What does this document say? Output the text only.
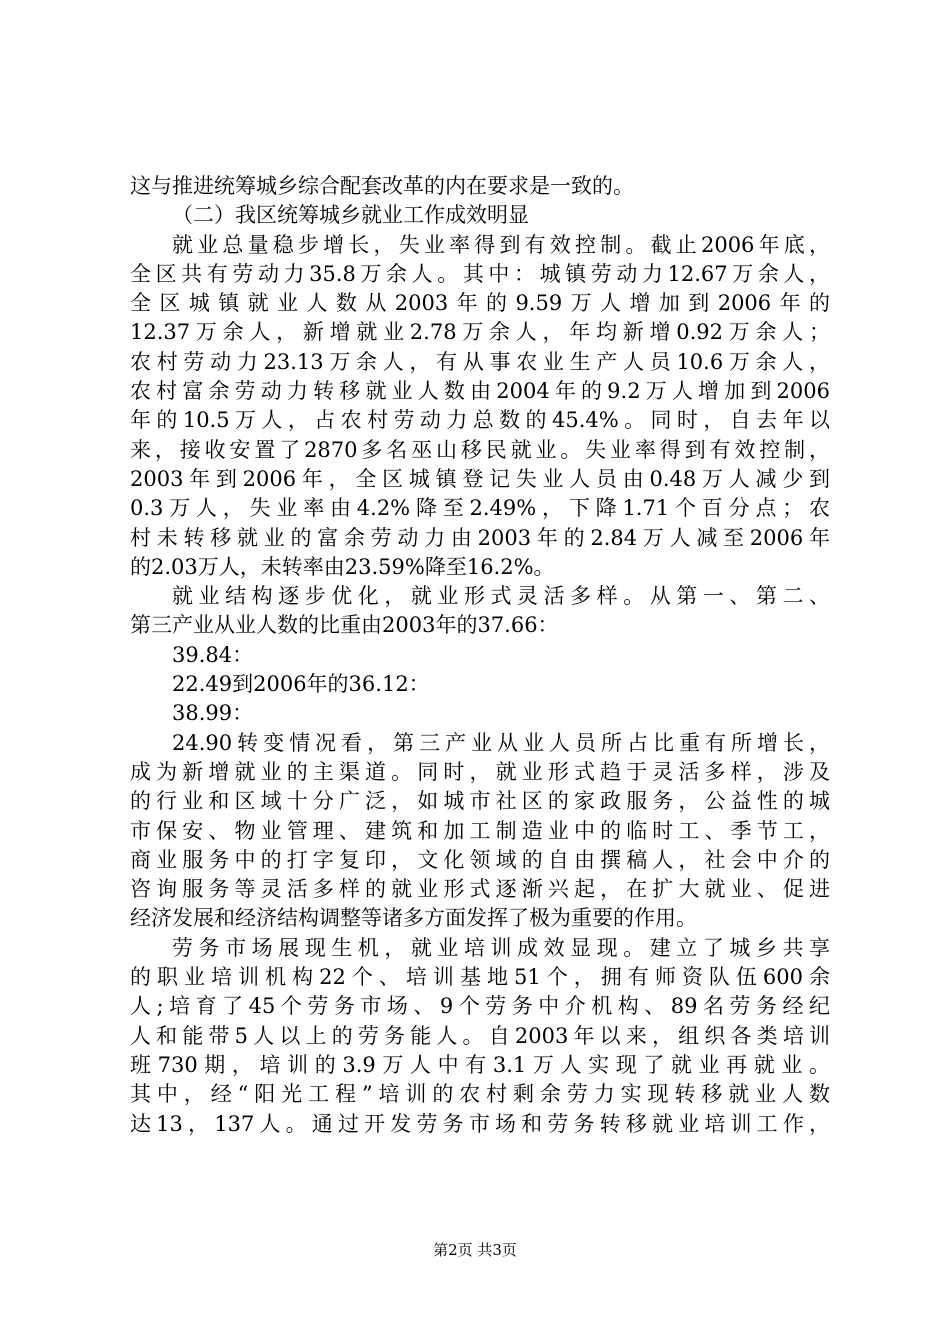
这与推进统筹城乡综合配套改革的内在要求是一致的。
（二）我区统筹城乡就业工作成效明显
就业总量稳步增长，失业率得到有效控制。截止2006年底，
全区共有劳动力35.8万余人。其中：城镇劳动力12.67万余人，
全区城镇就业人数从2003年的9.59万人增加到2006年的
12.37万余人，新增就业2.78万余人，年均新增0.92万余人；
农村劳动力23.13万余人，有从事农业生产人员10.6万余人，
农村富余劳动力转移就业人数由2004年的9.2万人增加到2006
年的10.5万人，占农村劳动力总数的45.4%。同时，自去年以
来，接收安置了2870多名巫山移民就业。失业率得到有效控制，
2003年到2006年，全区城镇登记失业人员由0.48万人减少到
0.3万人，失业率由4.2%降至2.49%，下降1.71个百分点；农
村未转移就业的富余劳动力由2003年的2.84万人减至2006年
的2.03万人，未转率由23.59%降至16.2%。
就业结构逐步优化，就业形式灵活多样。从第一、第二、
第三产业从业人数的比重由2003年的37.66：
39.84：
22.49到2006年的36.12：
38.99：
24.90转变情况看，第三产业从业人员所占比重有所增长，
成为新增就业的主渠道。同时，就业形式趋于灵活多样，涉及
的行业和区域十分广泛，如城市社区的家政服务，公益性的城
市保安、物业管理、建筑和加工制造业中的临时工、季节工，
商业服务中的打字复印，文化领域的自由撰稿人，社会中介的
咨询服务等灵活多样的就业形式逐渐兴起，在扩大就业、促进
经济发展和经济结构调整等诸多方面发挥了极为重要的作用。
劳务市场展现生机，就业培训成效显现。建立了城乡共享
的职业培训机构22个、培训基地51个，拥有师资队伍600余
人;培育了45个劳务市场、9个劳务中介机构、89名劳务经纪
人和能带5人以上的劳务能人。自2003年以来，组织各类培训
班730期，培训的3.9万人中有3.1万人实现了就业再就业。
其中，经“阳光工程”培训的农村剩余劳力实现转移就业人数
达13，137人。通过开发劳务市场和劳务转移就业培训工作，
第2页 共3页
